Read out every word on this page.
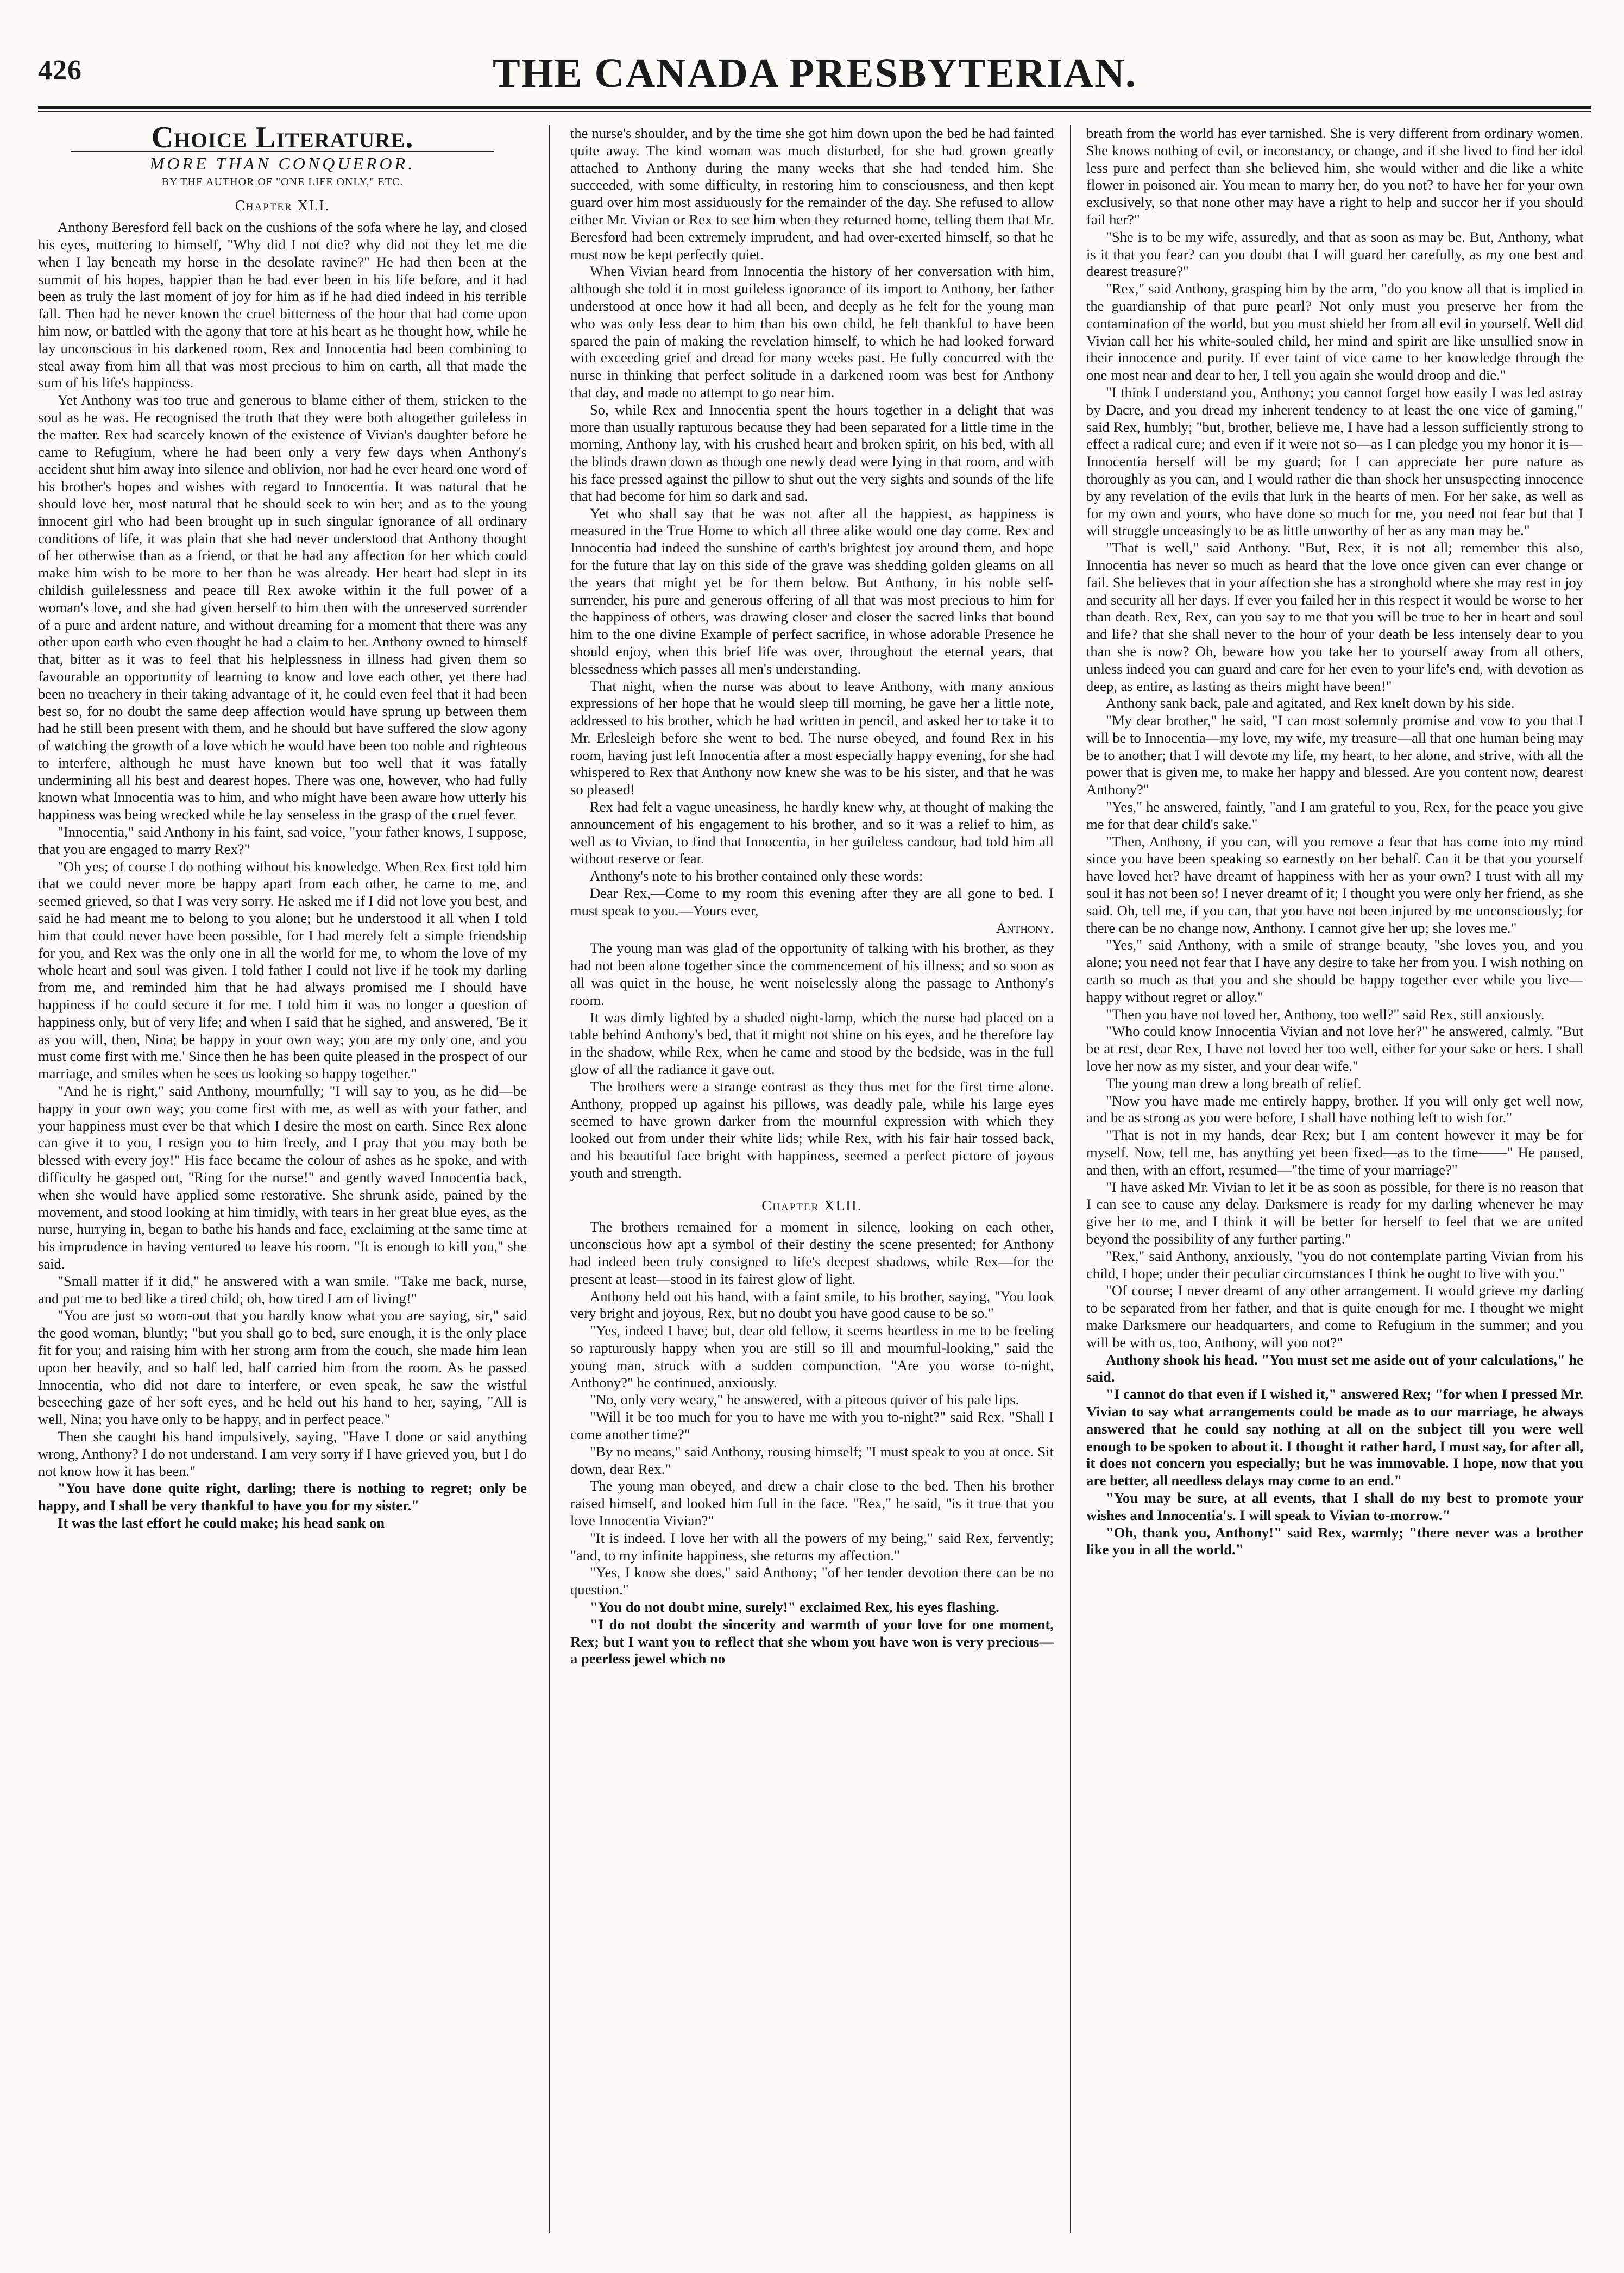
426	THE CANADA PRESBYTERIAN.
Choice Literature.
MORE THAN CONQUEROR.
BY THE AUTHOR OF "ONE LIFE ONLY," ETC.
Chapter XLI.

Anthony Beresford fell back on the cushions of the sofa where he lay, and closed his eyes, muttering to himself, "Why did I not die? why did not they let me die when I lay beneath my horse in the desolate ravine?" He had then been at the summit of his hopes, happier than he had ever been in his life before, and it had been as truly the last moment of joy for him as if he had died indeed in his terrible fall. Then had he never known the cruel bitterness of the hour that had come upon him now, or battled with the agony that tore at his heart as he thought how, while he lay unconscious in his darkened room, Rex and Innocentia had been combining to steal away from him all that was most precious to him on earth, all that made the sum of his life's happiness.

Yet Anthony was too true and generous to blame either of them, stricken to the soul as he was. He recognised the truth that they were both altogether guileless in the matter. Rex had scarcely known of the existence of Vivian's daughter before he came to Refugium, where he had been only a very few days when Anthony's accident shut him away into silence and oblivion, nor had he ever heard one word of his brother's hopes and wishes with regard to Innocentia. It was natural that he should love her, most natural that he should seek to win her; and as to the young innocent girl who had been brought up in such singular ignorance of all ordinary conditions of life, it was plain that she had never understood that Anthony thought of her otherwise than as a friend, or that he had any affection for her which could make him wish to be more to her than he was already. Her heart had slept in its childish guilelessness and peace till Rex awoke within it the full power of a woman's love, and she had given herself to him then with the unreserved surrender of a pure and ardent nature, and without dreaming for a moment that there was any other upon earth who even thought he had a claim to her. Anthony owned to himself that, bitter as it was to feel that his helplessness in illness had given them so favourable an opportunity of learning to know and love each other, yet there had been no treachery in their taking advantage of it, he could even feel that it had been best so, for no doubt the same deep affection would have sprung up between them had he still been present with them, and he should but have suffered the slow agony of watching the growth of a love which he would have been too noble and righteous to interfere, although he must have known but too well that it was fatally undermining all his best and dearest hopes. There was one, however, who had fully known what Innocentia was to him, and who might have been aware how utterly his happiness was being wrecked while he lay senseless in the grasp of the cruel fever.

"Innocentia," said Anthony in his faint, sad voice, "your father knows, I suppose, that you are engaged to marry Rex?"

"Oh yes; of course I do nothing without his knowledge. When Rex first told him that we could never more be happy apart from each other, he came to me, and seemed grieved, so that I was very sorry. He asked me if I did not love you best, and said he had meant me to belong to you alone; but he understood it all when I told him that could never have been possible, for I had merely felt a simple friendship for you, and Rex was the only one in all the world for me, to whom the love of my whole heart and soul was given. I told father I could not live if he took my darling from me, and reminded him that he had always promised me I should have happiness if he could secure it for me. I told him it was no longer a question of happiness only, but of very life; and when I said that he sighed, and answered, 'Be it as you will, then, Nina; be happy in your own way; you are my only one, and you must come first with me.' Since then he has been quite pleased in the prospect of our marriage, and smiles when he sees us looking so happy together."

"And he is right," said Anthony, mournfully; "I will say to you, as he did—be happy in your own way; you come first with me, as well as with your father, and your happiness must ever be that which I desire the most on earth. Since Rex alone can give it to you, I resign you to him freely, and I pray that you may both be blessed with every joy!" His face became the colour of ashes as he spoke, and with difficulty he gasped out, "Ring for the nurse!" and gently waved Innocentia back, when she would have applied some restorative. She shrunk aside, pained by the movement, and stood looking at him timidly, with tears in her great blue eyes, as the nurse, hurrying in, began to bathe his hands and face, exclaiming at the same time at his imprudence in having ventured to leave his room. "It is enough to kill you," she said.

"Small matter if it did," he answered with a wan smile. "Take me back, nurse, and put me to bed like a tired child; oh, how tired I am of living!"

"You are just so worn-out that you hardly know what you are saying, sir," said the good woman, bluntly; "but you shall go to bed, sure enough, it is the only place fit for you; and raising him with her strong arm from the couch, she made him lean upon her heavily, and so half led, half carried him from the room. As he passed Innocentia, who did not dare to interfere, or even speak, he saw the wistful beseeching gaze of her soft eyes, and he held out his hand to her, saying, "All is well, Nina; you have only to be happy, and in perfect peace."

Then she caught his hand impulsively, saying, "Have I done or said anything wrong, Anthony? I do not understand. I am very sorry if I have grieved you, but I do not know how it has been."

"You have done quite right, darling; there is nothing to regret; only be happy, and I shall be very thankful to have you for my sister."

It was the last effort he could make; his head sank on

the nurse's shoulder, and by the time she got him down upon the bed he had fainted quite away. The kind woman was much disturbed, for she had grown greatly attached to Anthony during the many weeks that she had tended him. She succeeded, with some difficulty, in restoring him to consciousness, and then kept guard over him most assiduously for the remainder of the day. She refused to allow either Mr. Vivian or Rex to see him when they returned home, telling them that Mr. Beresford had been extremely imprudent, and had over-exerted himself, so that he must now be kept perfectly quiet.

When Vivian heard from Innocentia the history of her conversation with him, although she told it in most guileless ignorance of its import to Anthony, her father understood at once how it had all been, and deeply as he felt for the young man who was only less dear to him than his own child, he felt thankful to have been spared the pain of making the revelation himself, to which he had looked forward with exceeding grief and dread for many weeks past. He fully concurred with the nurse in thinking that perfect solitude in a darkened room was best for Anthony that day, and made no attempt to go near him.

So, while Rex and Innocentia spent the hours together in a delight that was more than usually rapturous because they had been separated for a little time in the morning, Anthony lay, with his crushed heart and broken spirit, on his bed, with all the blinds drawn down as though one newly dead were lying in that room, and with his face pressed against the pillow to shut out the very sights and sounds of the life that had become for him so dark and sad.

Yet who shall say that he was not after all the happiest, as happiness is measured in the True Home to which all three alike would one day come. Rex and Innocentia had indeed the sunshine of earth's brightest joy around them, and hope for the future that lay on this side of the grave was shedding golden gleams on all the years that might yet be for them below. But Anthony, in his noble self-surrender, his pure and generous offering of all that was most precious to him for the happiness of others, was drawing closer and closer the sacred links that bound him to the one divine Example of perfect sacrifice, in whose adorable Presence he should enjoy, when this brief life was over, throughout the eternal years, that blessedness which passes all men's understanding.

That night, when the nurse was about to leave Anthony, with many anxious expressions of her hope that he would sleep till morning, he gave her a little note, addressed to his brother, which he had written in pencil, and asked her to take it to Mr. Erlesleigh before she went to bed. The nurse obeyed, and found Rex in his room, having just left Innocentia after a most especially happy evening, for she had whispered to Rex that Anthony now knew she was to be his sister, and that he was so pleased!

Rex had felt a vague uneasiness, he hardly knew why, at thought of making the announcement of his engagement to his brother, and so it was a relief to him, as well as to Vivian, to find that Innocentia, in her guileless candour, had told him all without reserve or fear.

Anthony's note to his brother contained only these words:

Dear Rex,—Come to my room this evening after they are all gone to bed. I must speak to you.—Yours ever,

Anthony.

The young man was glad of the opportunity of talking with his brother, as they had not been alone together since the commencement of his illness; and so soon as all was quiet in the house, he went noiselessly along the passage to Anthony's room.

It was dimly lighted by a shaded night-lamp, which the nurse had placed on a table behind Anthony's bed, that it might not shine on his eyes, and he therefore lay in the shadow, while Rex, when he came and stood by the bedside, was in the full glow of all the radiance it gave out.

The brothers were a strange contrast as they thus met for the first time alone. Anthony, propped up against his pillows, was deadly pale, while his large eyes seemed to have grown darker from the mournful expression with which they looked out from under their white lids; while Rex, with his fair hair tossed back, and his beautiful face bright with happiness, seemed a perfect picture of joyous youth and strength.

Chapter XLII.

The brothers remained for a moment in silence, looking on each other, unconscious how apt a symbol of their destiny the scene presented; for Anthony had indeed been truly consigned to life's deepest shadows, while Rex—for the present at least—stood in its fairest glow of light.

Anthony held out his hand, with a faint smile, to his brother, saying, "You look very bright and joyous, Rex, but no doubt you have good cause to be so."

"Yes, indeed I have; but, dear old fellow, it seems heartless in me to be feeling so rapturously happy when you are still so ill and mournful-looking," said the young man, struck with a sudden compunction. "Are you worse to-night, Anthony?" he continued, anxiously.

"No, only very weary," he answered, with a piteous quiver of his pale lips.

"Will it be too much for you to have me with you to-night?" said Rex. "Shall I come another time?"

"By no means," said Anthony, rousing himself; "I must speak to you at once. Sit down, dear Rex."

The young man obeyed, and drew a chair close to the bed. Then his brother raised himself, and looked him full in the face. "Rex," he said, "is it true that you love Innocentia Vivian?"

"It is indeed. I love her with all the powers of my being," said Rex, fervently; "and, to my infinite happiness, she returns my affection."

"Yes, I know she does," said Anthony; "of her tender devotion there can be no question."

"You do not doubt mine, surely!" exclaimed Rex, his eyes flashing.

"I do not doubt the sincerity and warmth of your love for one moment, Rex; but I want you to reflect that she whom you have won is very precious—a peerless jewel which no

breath from the world has ever tarnished. She is very different from ordinary women. She knows nothing of evil, or inconstancy, or change, and if she lived to find her idol less pure and perfect than she believed him, she would wither and die like a white flower in poisoned air. You mean to marry her, do you not? to have her for your own exclusively, so that none other may have a right to help and succor her if you should fail her?"

"She is to be my wife, assuredly, and that as soon as may be. But, Anthony, what is it that you fear? can you doubt that I will guard her carefully, as my one best and dearest treasure?"

"Rex," said Anthony, grasping him by the arm, "do you know all that is implied in the guardianship of that pure pearl? Not only must you preserve her from the contamination of the world, but you must shield her from all evil in yourself. Well did Vivian call her his white-souled child, her mind and spirit are like unsullied snow in their innocence and purity. If ever taint of vice came to her knowledge through the one most near and dear to her, I tell you again she would droop and die."

"I think I understand you, Anthony; you cannot forget how easily I was led astray by Dacre, and you dread my inherent tendency to at least the one vice of gaming," said Rex, humbly; "but, brother, believe me, I have had a lesson sufficiently strong to effect a radical cure; and even if it were not so—as I can pledge you my honor it is—Innocentia herself will be my guard; for I can appreciate her pure nature as thoroughly as you can, and I would rather die than shock her unsuspecting innocence by any revelation of the evils that lurk in the hearts of men. For her sake, as well as for my own and yours, who have done so much for me, you need not fear but that I will struggle unceasingly to be as little unworthy of her as any man may be."

"That is well," said Anthony. "But, Rex, it is not all; remember this also, Innocentia has never so much as heard that the love once given can ever change or fail. She believes that in your affection she has a stronghold where she may rest in joy and security all her days. If ever you failed her in this respect it would be worse to her than death. Rex, Rex, can you say to me that you will be true to her in heart and soul and life? that she shall never to the hour of your death be less intensely dear to you than she is now? Oh, beware how you take her to yourself away from all others, unless indeed you can guard and care for her even to your life's end, with devotion as deep, as entire, as lasting as theirs might have been!"

Anthony sank back, pale and agitated, and Rex knelt down by his side.

"My dear brother," he said, "I can most solemnly promise and vow to you that I will be to Innocentia—my love, my wife, my treasure—all that one human being may be to another; that I will devote my life, my heart, to her alone, and strive, with all the power that is given me, to make her happy and blessed. Are you content now, dearest Anthony?"

"Yes," he answered, faintly, "and I am grateful to you, Rex, for the peace you give me for that dear child's sake."

"Then, Anthony, if you can, will you remove a fear that has come into my mind since you have been speaking so earnestly on her behalf. Can it be that you yourself have loved her? have dreamt of happiness with her as your own? I trust with all my soul it has not been so! I never dreamt of it; I thought you were only her friend, as she said. Oh, tell me, if you can, that you have not been injured by me unconsciously; for there can be no change now, Anthony. I cannot give her up; she loves me."

"Yes," said Anthony, with a smile of strange beauty, "she loves you, and you alone; you need not fear that I have any desire to take her from you. I wish nothing on earth so much as that you and she should be happy together ever while you live—happy without regret or alloy."

"Then you have not loved her, Anthony, too well?" said Rex, still anxiously.

"Who could know Innocentia Vivian and not love her?" he answered, calmly. "But be at rest, dear Rex, I have not loved her too well, either for your sake or hers. I shall love her now as my sister, and your dear wife."

The young man drew a long breath of relief.

"Now you have made me entirely happy, brother. If you will only get well now, and be as strong as you were before, I shall have nothing left to wish for."

"That is not in my hands, dear Rex; but I am content however it may be for myself. Now, tell me, has anything yet been fixed—as to the time——" He paused, and then, with an effort, resumed—"the time of your marriage?"

"I have asked Mr. Vivian to let it be as soon as possible, for there is no reason that I can see to cause any delay. Darksmere is ready for my darling whenever he may give her to me, and I think it will be better for herself to feel that we are united beyond the possibility of any further parting."

"Rex," said Anthony, anxiously, "you do not contemplate parting Vivian from his child, I hope; under their peculiar circumstances I think he ought to live with you."

"Of course; I never dreamt of any other arrangement. It would grieve my darling to be separated from her father, and that is quite enough for me. I thought we might make Darksmere our headquarters, and come to Refugium in the summer; and you will be with us, too, Anthony, will you not?"

Anthony shook his head. "You must set me aside out of your calculations," he said.

"I cannot do that even if I wished it," answered Rex; "for when I pressed Mr. Vivian to say what arrangements could be made as to our marriage, he always answered that he could say nothing at all on the subject till you were well enough to be spoken to about it. I thought it rather hard, I must say, for after all, it does not concern you especially; but he was immovable. I hope, now that you are better, all needless delays may come to an end."

"You may be sure, at all events, that I shall do my best to promote your wishes and Innocentia's. I will speak to Vivian to-morrow."

"Oh, thank you, Anthony!" said Rex, warmly; "there never was a brother like you in all the world."
